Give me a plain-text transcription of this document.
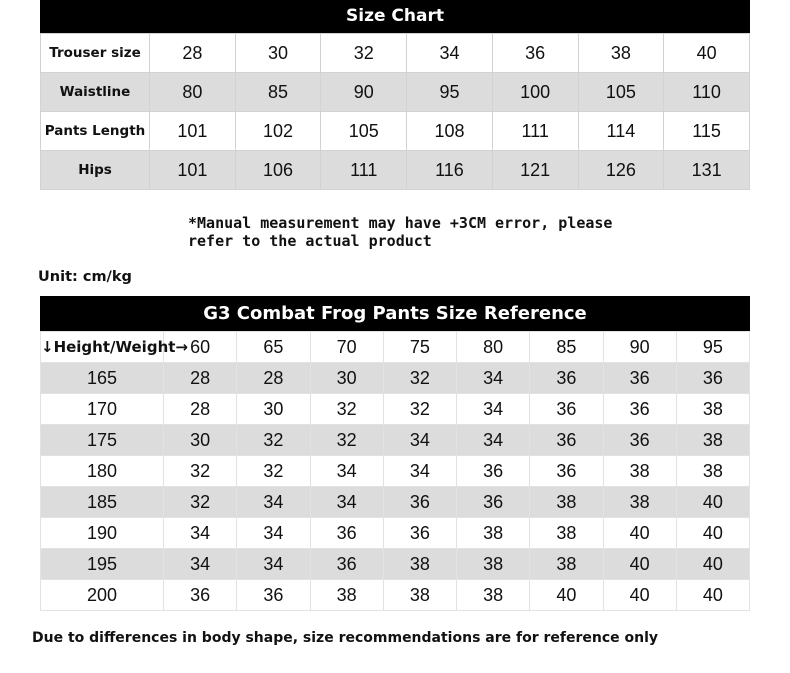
Size Chart
Trouser size	28	30	32	34	36	38	40
Waistline	80	85	90	95	100	105	110
Pants Length	101	102	105	108	111	114	115
Hips	101	106	111	116	121	126	131
*Manual measurement may have +3CM error, please refer to the actual product
Unit: cm/kg
G3 Combat Frog Pants Size Reference
↓Height/Weight→	60	65	70	75	80	85	90	95
165	28	28	30	32	34	36	36	36
170	28	30	32	32	34	36	36	38
175	30	32	32	34	34	36	36	38
180	32	32	34	34	36	36	38	38
185	32	34	34	36	36	38	38	40
190	34	34	36	36	38	38	40	40
195	34	34	36	38	38	38	40	40
200	36	36	38	38	38	40	40	40
Due to differences in body shape, size recommendations are for reference only
